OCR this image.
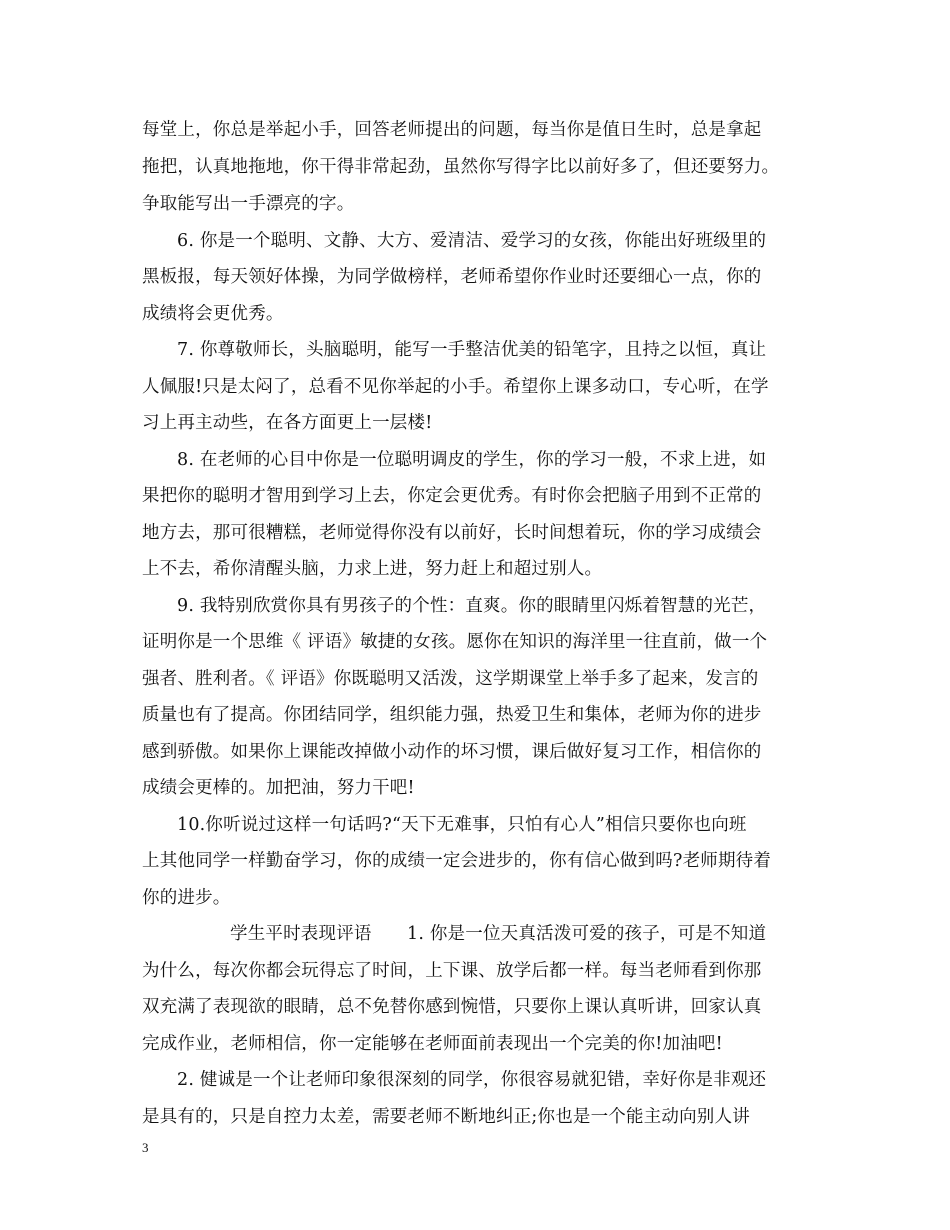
每堂上，你总是举起小手，回答老师提出的问题，每当你是值日生时，总是拿起
拖把，认真地拖地，你干得非常起劲，虽然你写得字比以前好多了，但还要努力。
争取能写出一手漂亮的字。
6. 你是一个聪明、文静、大方、爱清洁、爱学习的女孩，你能出好班级里的
黑板报，每天领好体操，为同学做榜样，老师希望你作业时还要细心一点，你的
成绩将会更优秀。
7. 你尊敬师长，头脑聪明，能写一手整洁优美的铅笔字，且持之以恒，真让
人佩服!只是太闷了，总看不见你举起的小手。希望你上课多动口，专心听，在学
习上再主动些，在各方面更上一层楼!
8. 在老师的心目中你是一位聪明调皮的学生，你的学习一般，不求上进，如
果把你的聪明才智用到学习上去，你定会更优秀。有时你会把脑子用到不正常的
地方去，那可很糟糕，老师觉得你没有以前好，长时间想着玩，你的学习成绩会
上不去，希你清醒头脑，力求上进，努力赶上和超过别人。
9. 我特别欣赏你具有男孩子的个性：直爽。你的眼睛里闪烁着智慧的光芒，
证明你是一个思维《 评语》敏捷的女孩。愿你在知识的海洋里一往直前，做一个
强者、胜利者。《 评语》你既聪明又活泼，这学期课堂上举手多了起来，发言的
质量也有了提高。你团结同学，组织能力强，热爱卫生和集体，老师为你的进步
感到骄傲。如果你上课能改掉做小动作的坏习惯，课后做好复习工作，相信你的
成绩会更棒的。加把油，努力干吧!
10.你听说过这样一句话吗?“天下无难事，只怕有心人”相信只要你也向班
上其他同学一样勤奋学习，你的成绩一定会进步的，你有信心做到吗?老师期待着
你的进步。
学生平时表现评语　　1. 你是一位天真活泼可爱的孩子，可是不知道
为什么，每次你都会玩得忘了时间，上下课、放学后都一样。每当老师看到你那
双充满了表现欲的眼睛，总不免替你感到惋惜，只要你上课认真听讲，回家认真
完成作业，老师相信，你一定能够在老师面前表现出一个完美的你!加油吧!
2. 健诚是一个让老师印象很深刻的同学，你很容易就犯错，幸好你是非观还
是具有的，只是自控力太差，需要老师不断地纠正;你也是一个能主动向别人讲
3
